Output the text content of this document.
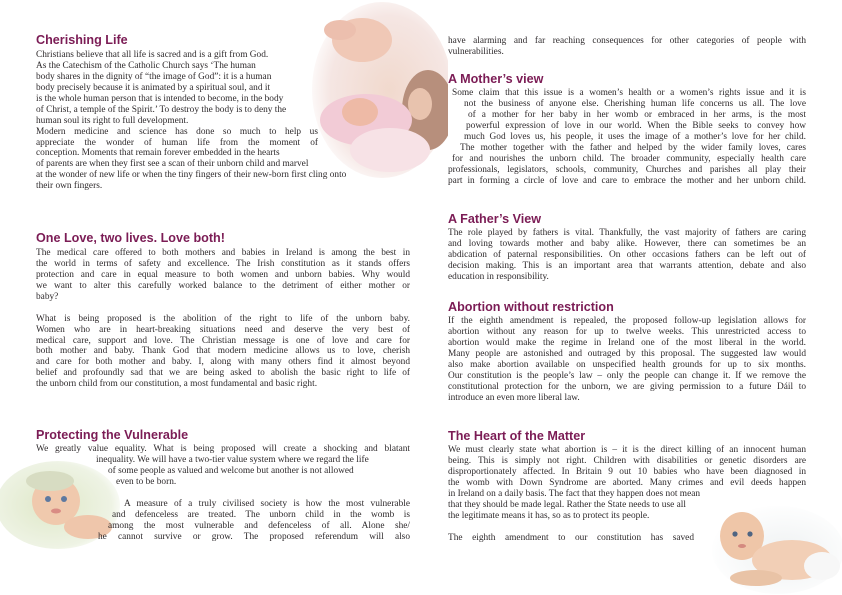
Cherishing Life
Christians believe that all life is sacred and is a gift from God.
As the Catechism of the Catholic Church says ‘The human
body shares in the dignity of “the image of God”: it is a human
body precisely because it is animated by a spiritual soul, and it
is the whole human person that is intended to become, in the body
of Christ, a temple of the Spirit.’ To destroy the body is to deny the
human soul its right to full development.
Modern medicine and science has done so much to help us
appreciate the wonder of human life from the moment of
conception. Moments that remain forever embedded in the hearts
of parents are when they first see a scan of their unborn child and marvel
at the wonder of new life or when the tiny fingers of their new-born first cling onto
their own fingers.
One Love, two lives. Love both!
The medical care offered to both mothers and babies in Ireland is among the best in
the world in terms of safety and excellence. The Irish constitution as it stands offers
protection and care in equal measure to both women and unborn babies. Why would
we want to alter this carefully worked balance to the detriment of either mother or
baby?

What is being proposed is the abolition of the right to life of the unborn baby.
Women who are in heart-breaking situations need and deserve the very best of
medical care, support and love. The Christian message is one of love and care for
both mother and baby. Thank God that modern medicine allows us to love, cherish
and care for both mother and baby. I, along with many others find it almost beyond
belief and profoundly sad that we are being asked to abolish the basic right to life of
the unborn child from our constitution, a most fundamental and basic right.
Protecting the Vulnerable
We greatly value equality. What is being proposed will create a shocking and blatant
inequality. We will have a two-tier value system where we regard the life
of some people as valued and welcome but another is not allowed
even to be born.

A measure of a truly civilised society is how the most vulnerable
and defenceless are treated. The unborn child in the womb is
among the most vulnerable and defenceless of all. Alone she/
he cannot survive or grow. The proposed referendum will also
have alarming and far reaching consequences for other categories of people with
vulnerabilities.
A Mother’s view
Some claim that this issue is a women’s health or a women’s rights issue and it is
not the business of anyone else. Cherishing human life concerns us all. The love
of a mother for her baby in her womb or embraced in her arms, is the most
powerful expression of love in our world. When the Bible seeks to convey how
much God loves us, his people, it uses the image of a mother’s love for her child.
The mother together with the father and helped by the wider family loves, cares
for and nourishes the unborn child. The broader community, especially health care
professionals, legislators, schools, community, Churches and parishes all play their
part in forming a circle of love and care to embrace the mother and her unborn child.
A Father’s View
The role played by fathers is vital. Thankfully, the vast majority of fathers are caring
and loving towards mother and baby alike. However, there can sometimes be an
abdication of paternal responsibilities. On other occasions fathers can be left out of
decision making. This is an important area that warrants attention, debate and also
education in responsibility.
Abortion without restriction
If the eighth amendment is repealed, the proposed follow-up legislation allows for
abortion without any reason for up to twelve weeks. This unrestricted access to
abortion would make the regime in Ireland one of the most liberal in the world.
Many people are astonished and outraged by this proposal. The suggested law would
also make abortion available on unspecified health grounds for up to six months.
Our constitution is the people’s law – only the people can change it. If we remove the
constitutional protection for the unborn, we are giving permission to a future Dáil to
introduce an even more liberal law.
The Heart of the Matter
We must clearly state what abortion is – it is the direct killing of an innocent human
being. This is simply not right. Children with disabilities or genetic disorders are
disproportionately affected. In Britain 9 out 10 babies who have been diagnosed in
the womb with Down Syndrome are aborted. Many crimes and evil deeds happen
in Ireland on a daily basis. The fact that they happen does not mean
that they should be made legal. Rather the State needs to use all
the legitimate means it has, so as to protect its people.

The eighth amendment to our constitution has saved
